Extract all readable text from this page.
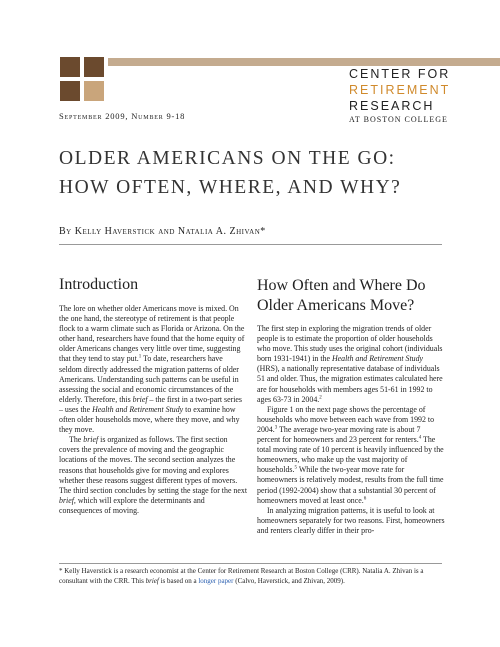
CENTER FOR
RETIREMENT
RESEARCH
AT BOSTON COLLEGE
September 2009, Number 9-18
OLDER AMERICANS ON THE GO:
HOW OFTEN, WHERE, AND WHY?
By Kelly Haverstick and Natalia A. Zhivan*
Introduction	How Often and Where Do Older Americans Move?

The lore on whether older Americans move is mixed. On the one hand, the stereotype of retirement is that people flock to a warm climate such as Florida or Arizona. On the other hand, researchers have found that the home equity of older Americans changes very little over time, suggesting that they tend to stay put.$^1$ To date, researchers have seldom directly addressed the migration patterns of older Americans. Understanding such patterns can be useful in assessing the social and economic circumstances of the elderly. Therefore, this brief – the first in a two-part series – uses the Health and Retirement Study to examine how often older households move, where they move, and why they move.

The brief is organized as follows. The first section covers the prevalence of moving and the geographic locations of the moves. The second section analyzes the reasons that households give for moving and explores whether these reasons suggest different types of movers. The third section concludes by setting the stage for the next brief, which will explore the determinants and consequences of moving.

The first step in exploring the migration trends of older people is to estimate the proportion of older households who move. This study uses the original cohort (individuals born 1931-1941) in the Health and Retirement Study (HRS), a nationally representative database of individuals 51 and older. Thus, the migration estimates calculated here are for households with members ages 51-61 in 1992 to ages 63-73 in 2004.$^2$

Figure 1 on the next page shows the percentage of households who move between each wave from 1992 to 2004.$^3$ The average two-year moving rate is about 7 percent for homeowners and 23 percent for renters.$^4$ The total moving rate of 10 percent is heavily influenced by the homeowners, who make up the vast majority of households.$^5$ While the two-year move rate for homeowners is relatively modest, results from the full time period (1992-2004) show that a substantial 30 percent of homeowners moved at least once.$^6$

In analyzing migration patterns, it is useful to look at homeowners separately for two reasons. First, homeowners and renters clearly differ in their pro-

* Kelly Haverstick is a research economist at the Center for Retirement Research at Boston College (CRR). Natalia A. Zhivan is a consultant with the CRR. This brief is based on a longer paper (Calvo, Haverstick, and Zhivan, 2009).
